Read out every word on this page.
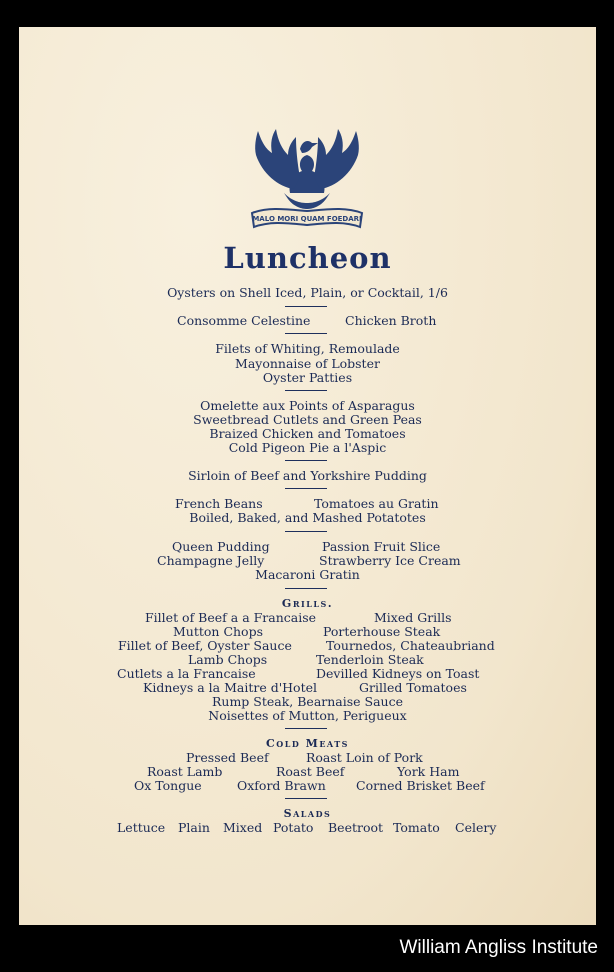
MALO MORI QUAM FOEDARI
Luncheon
Oysters on Shell Iced, Plain, or Cocktail, 1/6
Consomme Celestine	Chicken Broth
Filets of Whiting, Remoulade
Mayonnaise of Lobster
Oyster Patties
Omelette aux Points of Asparagus
Sweetbread Cutlets and Green Peas
Braized Chicken and Tomatoes
Cold Pigeon Pie a l'Aspic
Sirloin of Beef and Yorkshire Pudding
French Beans	Tomatoes au Gratin
Boiled, Baked, and Mashed Potatotes
Queen Pudding	Passion Fruit Slice
Champagne Jelly	Strawberry Ice Cream
Macaroni Gratin
Grills.
Fillet of Beef a a Francaise	Mixed Grills
Mutton Chops	Porterhouse Steak
Fillet of Beef, Oyster Sauce	Tournedos, Chateaubriand
Lamb Chops	Tenderloin Steak
Cutlets a la Francaise	Devilled Kidneys on Toast
Kidneys a la Maitre d'Hotel	Grilled Tomatoes
Rump Steak, Bearnaise Sauce
Noisettes of Mutton, Perigueux
Cold Meats
Pressed Beef	Roast Loin of Pork
Roast Lamb	Roast Beef	York Ham
Ox Tongue	Oxford Brawn Corned Brisket Beef
Salads
Lettuce Plain Mixed Potato Beetroot Tomato Celery
William Angliss Institute
